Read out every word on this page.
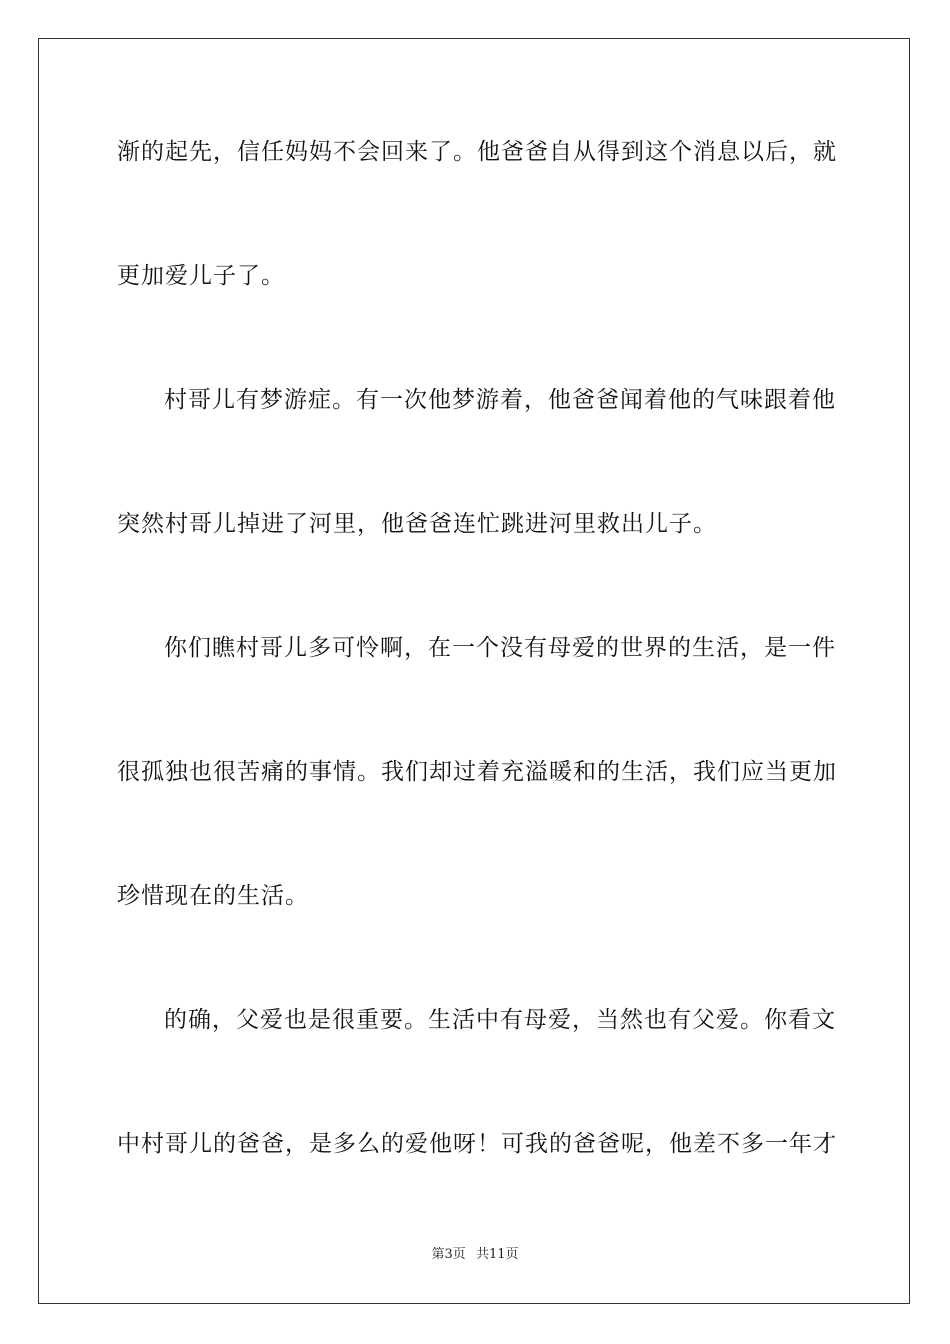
渐的起先，信任妈妈不会回来了。他爸爸自从得到这个消息以后，就
更加爱儿子了。
村哥儿有梦游症。有一次他梦游着，他爸爸闻着他的气味跟着他
突然村哥儿掉进了河里，他爸爸连忙跳进河里救出儿子。
你们瞧村哥儿多可怜啊，在一个没有母爱的世界的生活，是一件
很孤独也很苦痛的事情。我们却过着充溢暖和的生活，我们应当更加
珍惜现在的生活。
的确，父爱也是很重要。生活中有母爱，当然也有父爱。你看文
中村哥儿的爸爸，是多么的爱他呀！可我的爸爸呢，他差不多一年才
第3页 共11页
